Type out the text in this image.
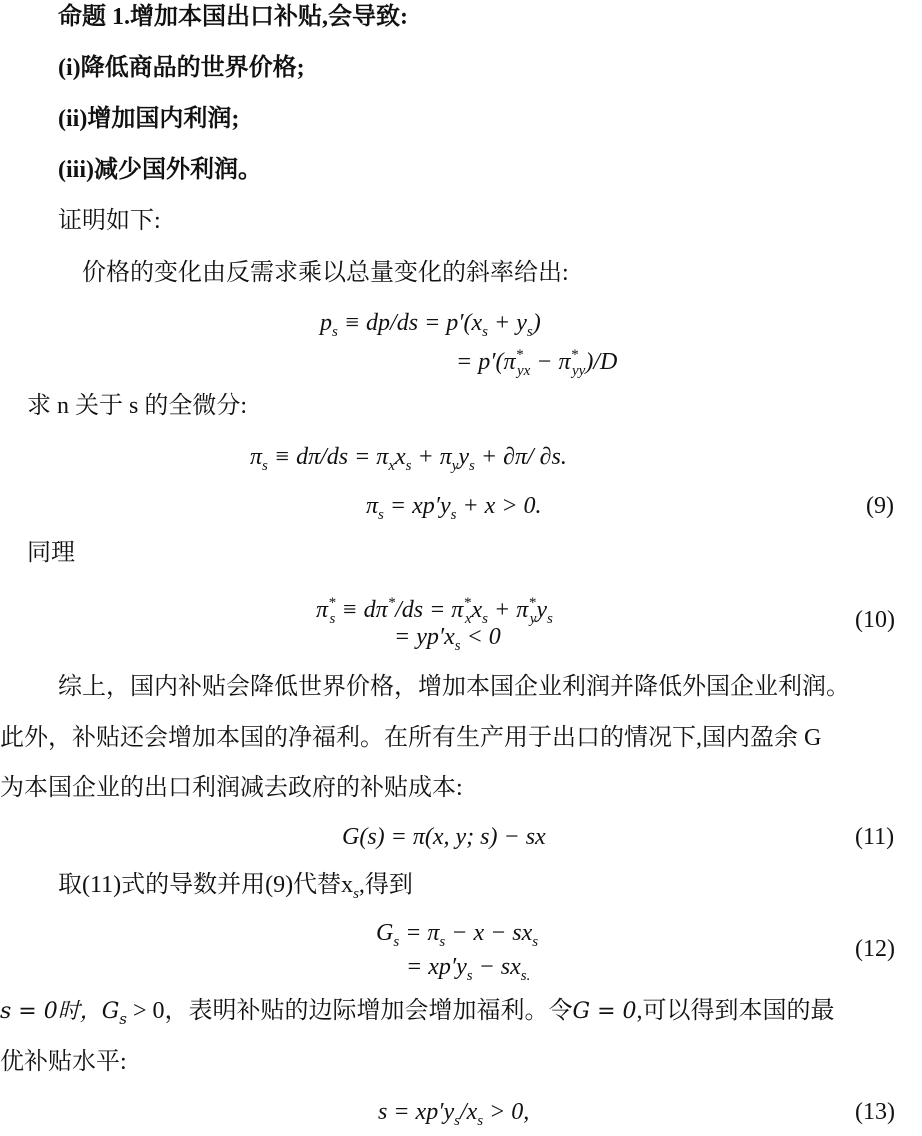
命题 1.增加本国出口补贴,会导致:
(i)降低商品的世界价格;
(ii)增加国内利润;
(iii)减少国外利润。
证明如下:
价格的变化由反需求乘以总量变化的斜率给出:
$p_s \equiv dp/ds = p'(x_s + y_s)$
= $p'(\pi^*_{yx} - \pi^*_{yy})/D$
求 n 关于 s 的全微分:
$\pi_s \equiv d\pi/ds = \pi_xx_s + \pi_yy_s + \partial\pi/$ ∂s.
$\pi_s = xp'y_s + x > 0$.	(9)
同理
$\pi^*_s \equiv d\pi^*/ds = \pi^*_xx_s + \pi^*_yy_s$
= $yp'x_s < 0$
(10)
综上，国内补贴会降低世界价格，增加本国企业利润并降低外国企业利润。
此外，补贴还会增加本国的净福利。在所有生产用于出口的情况下,国内盈余 G
为本国企业的出口利润减去政府的补贴成本:
G(s) = π(x, y; s) − sx	(11)
取(11)式的导数并用(9)代替$x_s$,得到
$G_s = \pi_s - x - sx_s$
= $xp'y_s - sx_{s.}$
(12)
s = 0时，$G_s > 0$，表明补贴的边际增加会增加福利。令G = 0,可以得到本国的最
优补贴水平:
$s = xp'y_s/x_s > 0$,	(13)
